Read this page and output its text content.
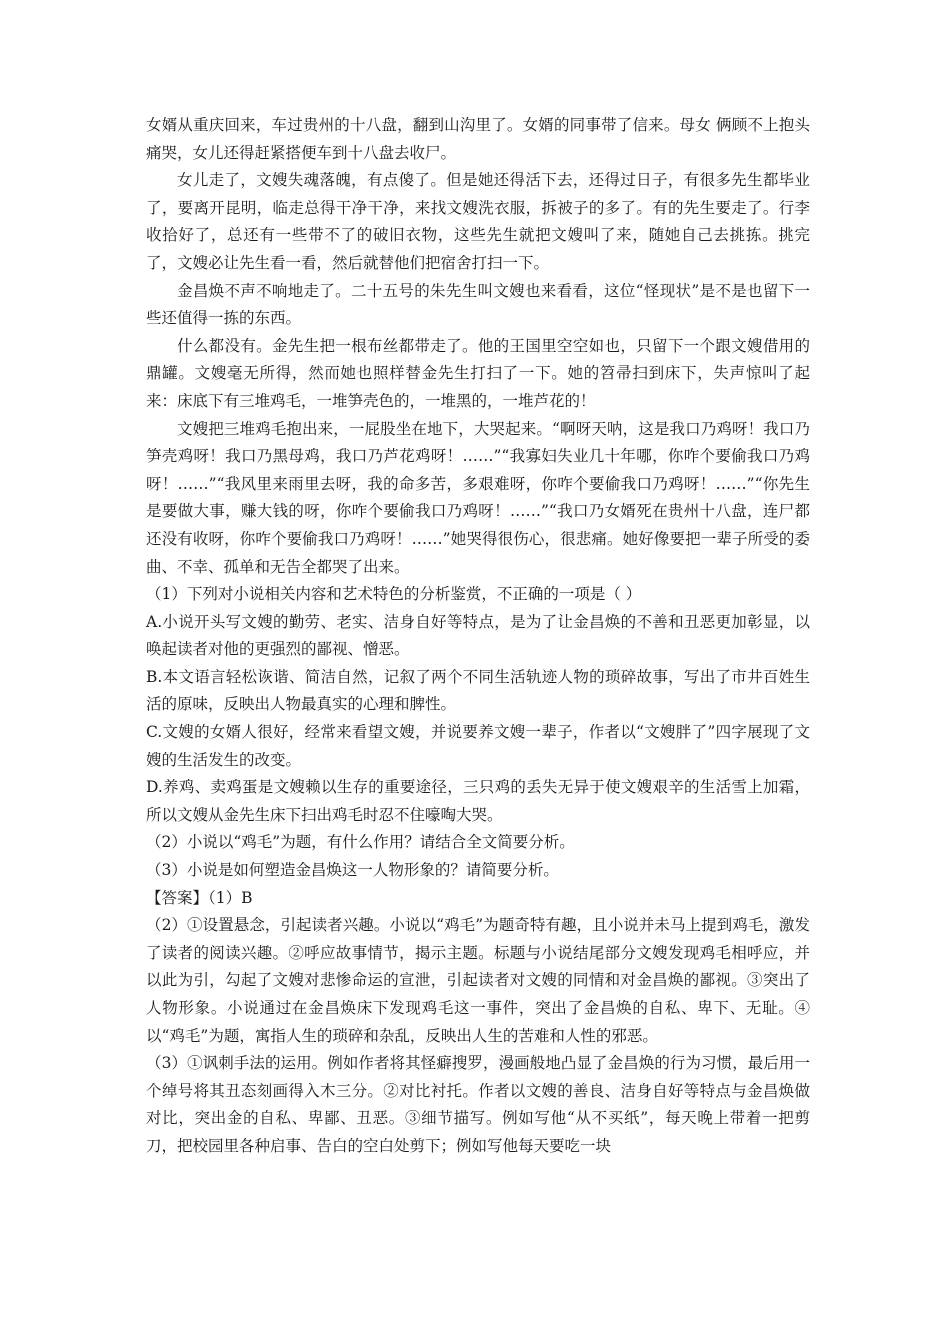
女婿从重庆回来，车过贵州的十八盘，翻到山沟里了。女婿的同事带了信来。母女 俩顾不上抱头痛哭，女儿还得赶紧搭便车到十八盘去收尸。

女儿走了，文嫂失魂落魄，有点傻了。但是她还得活下去，还得过日子，有很多先生都毕业了，要离开昆明，临走总得干净干净，来找文嫂洗衣服，拆被子的多了。有的先生要走了。行李收拾好了，总还有一些带不了的破旧衣物，这些先生就把文嫂叫了来，随她自己去挑拣。挑完了，文嫂必让先生看一看，然后就替他们把宿舍打扫一下。

金昌焕不声不响地走了。二十五号的朱先生叫文嫂也来看看，这位“怪现状”是不是也留下一些还值得一拣的东西。

什么都没有。金先生把一根布丝都带走了。他的王国里空空如也，只留下一个跟文嫂借用的鼎罐。文嫂毫无所得，然而她也照样替金先生打扫了一下。她的笤帚扫到床下，失声惊叫了起来：床底下有三堆鸡毛，一堆笋壳色的，一堆黑的，一堆芦花的！

文嫂把三堆鸡毛抱出来，一屁股坐在地下，大哭起来。“啊呀天呐，这是我口乃鸡呀！我口乃笋壳鸡呀！我口乃黑母鸡，我口乃芦花鸡呀！……”“我寡妇失业几十年哪，你咋个要偷我口乃鸡呀！……”“我风里来雨里去呀，我的命多苦，多艰难呀，你咋个要偷我口乃鸡呀！……”“你先生是要做大事，赚大钱的呀，你咋个要偷我口乃鸡呀！……”“我口乃女婿死在贵州十八盘，连尸都还没有收呀，你咋个要偷我口乃鸡呀！……”她哭得很伤心，很悲痛。她好像要把一辈子所受的委曲、不幸、孤单和无告全都哭了出来。

（1）下列对小说相关内容和艺术特色的分析鉴赏，不正确的一项是（ ）

A.小说开头写文嫂的勤劳、老实、洁身自好等特点，是为了让金昌焕的不善和丑恶更加彰显，以唤起读者对他的更强烈的鄙视、憎恶。

B.本文语言轻松诙谐、简洁自然，记叙了两个不同生活轨迹人物的琐碎故事，写出了市井百姓生活的原味，反映出人物最真实的心理和脾性。

C.文嫂的女婿人很好，经常来看望文嫂，并说要养文嫂一辈子，作者以“文嫂胖了”四字展现了文嫂的生活发生的改变。

D.养鸡、卖鸡蛋是文嫂赖以生存的重要途径，三只鸡的丢失无异于使文嫂艰辛的生活雪上加霜，所以文嫂从金先生床下扫出鸡毛时忍不住嚎啕大哭。

（2）小说以“鸡毛”为题，有什么作用？请结合全文简要分析。

（3）小说是如何塑造金昌焕这一人物形象的？请简要分析。

【答案】（1）B

（2）①设置悬念，引起读者兴趣。小说以“鸡毛”为题奇特有趣，且小说并未马上提到鸡毛，激发了读者的阅读兴趣。②呼应故事情节，揭示主题。标题与小说结尾部分文嫂发现鸡毛相呼应，并以此为引，勾起了文嫂对悲惨命运的宣泄，引起读者对文嫂的同情和对金昌焕的鄙视。③突出了人物形象。小说通过在金昌焕床下发现鸡毛这一事件，突出了金昌焕的自私、卑下、无耻。④以“鸡毛”为题，寓指人生的琐碎和杂乱，反映出人生的苦难和人性的邪恶。

（3）①讽刺手法的运用。例如作者将其怪癖搜罗，漫画般地凸显了金昌焕的行为习惯，最后用一个绰号将其丑态刻画得入木三分。②对比衬托。作者以文嫂的善良、洁身自好等特点与金昌焕做对比，突出金的自私、卑鄙、丑恶。③细节描写。例如写他“从不买纸”，每天晚上带着一把剪刀，把校园里各种启事、告白的空白处剪下；例如写他每天要吃一块
